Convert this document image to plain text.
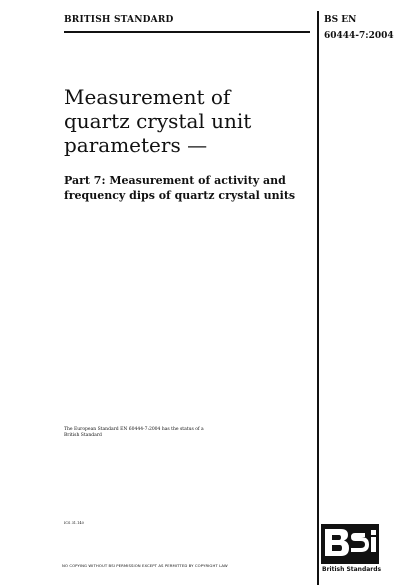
BRITISH STANDARD	BS EN
60444-7:2004
Measurement of
quartz crystal unit
parameters —
Part 7: Measurement of activity and
frequency dips of quartz crystal units
The European Standard EN 60444-7:2004 has the status of a
British Standard
ICS 31.140
NO COPYING WITHOUT BSI PERMISSION EXCEPT AS PERMITTED BY COPYRIGHT LAW
British Standards
